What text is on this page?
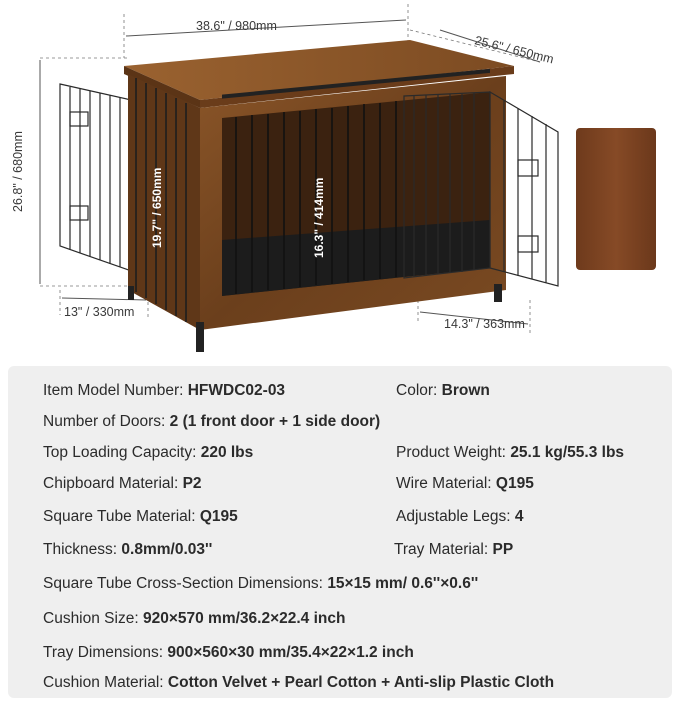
38.6" / 980mm
25.6" / 650mm
26.8" / 680mm	19.7" / 650mm	16.3" / 414mm
13" / 330mm
14.3" / 363mm
Item Model Number: HFWDC02-03	Color: Brown
Number of Doors: 2 (1 front door + 1 side door)
Top Loading Capacity: 220 lbs	Product Weight: 25.1 kg/55.3 lbs
Chipboard Material: P2	Wire Material: Q195
Square Tube Material: Q195	Adjustable Legs: 4
Thickness: 0.8mm/0.03''	Tray Material: PP
Square Tube Cross-Section Dimensions: 15×15 mm/ 0.6''×0.6''
Cushion Size: 920×570 mm/36.2×22.4 inch
Tray Dimensions: 900×560×30 mm/35.4×22×1.2 inch
Cushion Material: Cotton Velvet + Pearl Cotton + Anti-slip Plastic Cloth
